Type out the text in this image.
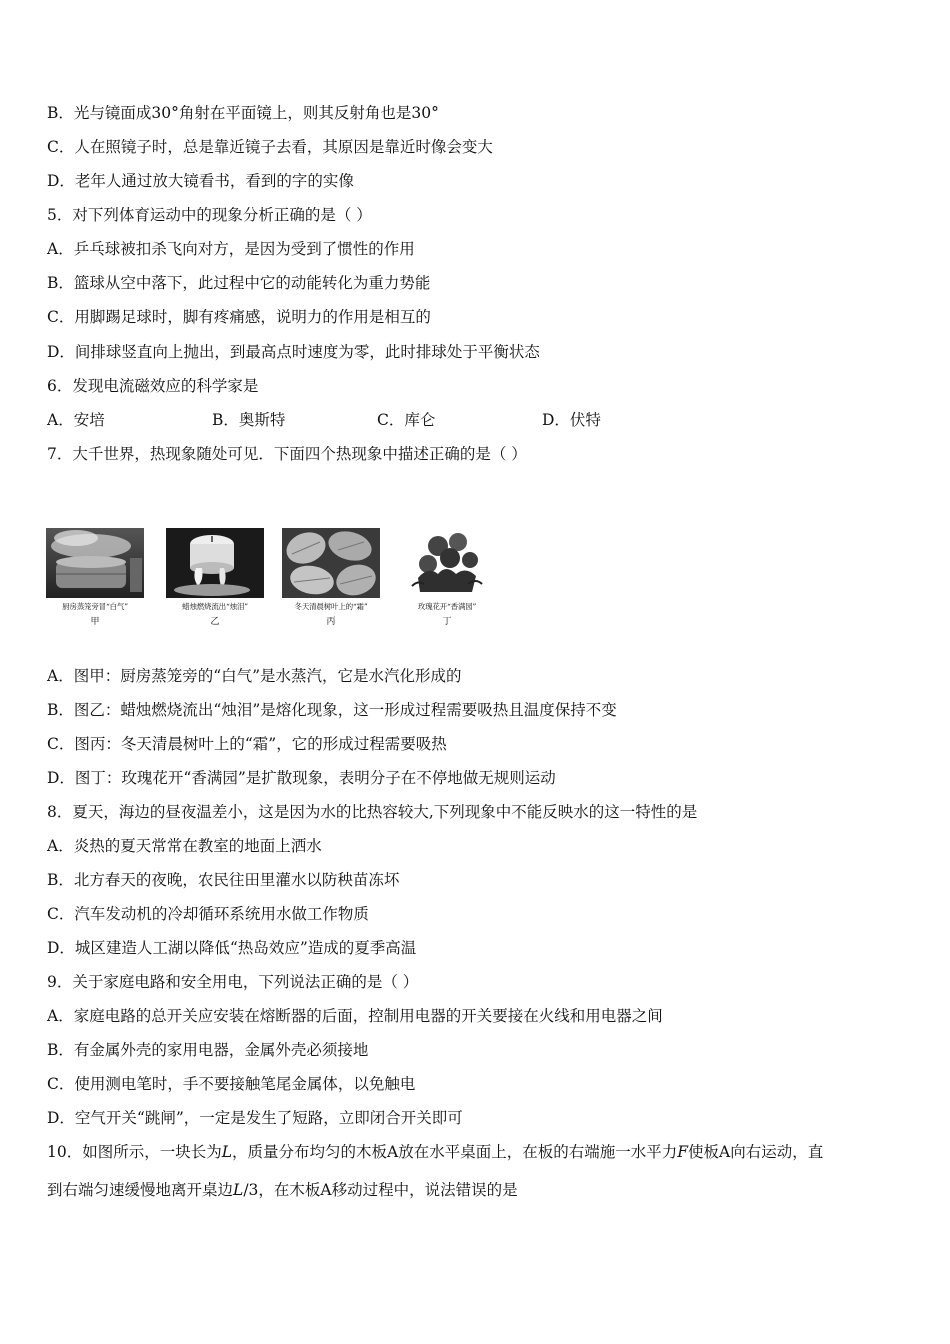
B．光与镜面成30°角射在平面镜上，则其反射角也是30°
C．人在照镜子时，总是靠近镜子去看，其原因是靠近时像会变大
D．老年人通过放大镜看书，看到的字的实像
5．对下列体育运动中的现象分析正确的是（ ）
A．乒乓球被扣杀飞向对方，是因为受到了惯性的作用
B．篮球从空中落下，此过程中它的动能转化为重力势能
C．用脚踢足球时，脚有疼痛感，说明力的作用是相互的
D．间排球竖直向上抛出，到最高点时速度为零，此时排球处于平衡状态
6．发现电流磁效应的科学家是
A．安培	B．奥斯特	C．库仑	D．伏特
7．大千世界，热现象随处可见．下面四个热现象中描述正确的是（ ）
厨房蒸笼旁冒“白气”
甲
蜡烛燃烧流出“烛泪”
乙
冬天清晨树叶上的“霜”
丙
玫瑰花开“香满园”
丁
A．图甲：厨房蒸笼旁的“白气”是水蒸汽，它是水汽化形成的
B．图乙：蜡烛燃烧流出“烛泪”是熔化现象，这一形成过程需要吸热且温度保持不变
C．图丙：冬天清晨树叶上的“霜”，它的形成过程需要吸热
D．图丁：玫瑰花开“香满园”是扩散现象，表明分子在不停地做无规则运动
8．夏天，海边的昼夜温差小，这是因为水的比热容较大,下列现象中不能反映水的这一特性的是
A．炎热的夏天常常在教室的地面上洒水
B．北方春天的夜晚，农民往田里灌水以防秧苗冻坏
C．汽车发动机的冷却循环系统用水做工作物质
D．城区建造人工湖以降低“热岛效应”造成的夏季高温
9．关于家庭电路和安全用电，下列说法正确的是（ ）
A．家庭电路的总开关应安装在熔断器的后面，控制用电器的开关要接在火线和用电器之间
B．有金属外壳的家用电器，金属外壳必须接地
C．使用测电笔时，手不要接触笔尾金属体，以免触电
D．空气开关“跳闸”，一定是发生了短路，立即闭合开关即可
10．如图所示，一块长为L，质量分布均匀的木板A放在水平桌面上，在板的右端施一水平力F使板A向右运动，直
到右端匀速缓慢地离开桌边L/3，在木板A移动过程中，说法错误的是
